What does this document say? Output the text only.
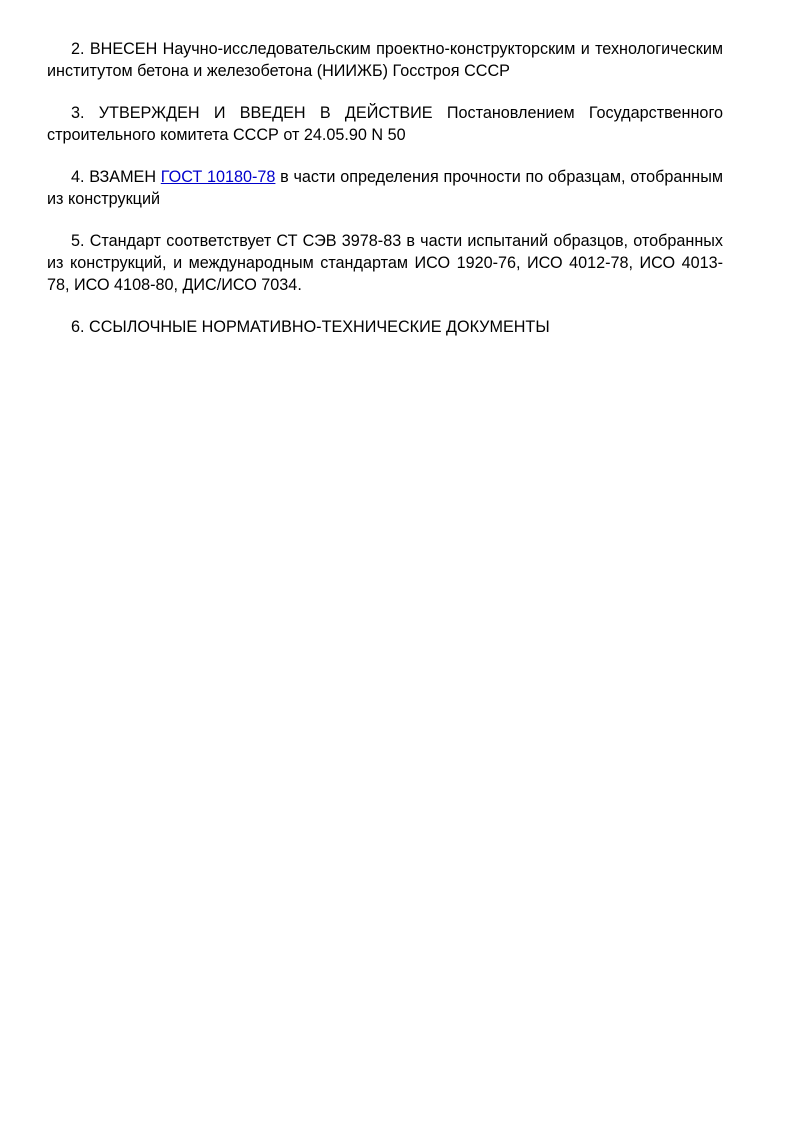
2. ВНЕСЕН Научно-исследовательским проектно-конструкторским и технологическим институтом бетона и железобетона (НИИЖБ) Госстроя СССР

3. УТВЕРЖДЕН И ВВЕДЕН В ДЕЙСТВИЕ Постановлением Государственного строительного комитета СССР от 24.05.90 N 50

4. ВЗАМЕН ГОСТ 10180-78 в части определения прочности по образцам, отобранным из конструкций

5. Стандарт соответствует СТ СЭВ 3978-83 в части испытаний образцов, отобранных из конструкций, и международным стандартам ИСО 1920-76, ИСО 4012-78, ИСО 4013-78, ИСО 4108-80, ДИС/ИСО 7034.

6. ССЫЛОЧНЫЕ НОРМАТИВНО-ТЕХНИЧЕСКИЕ ДОКУМЕНТЫ
